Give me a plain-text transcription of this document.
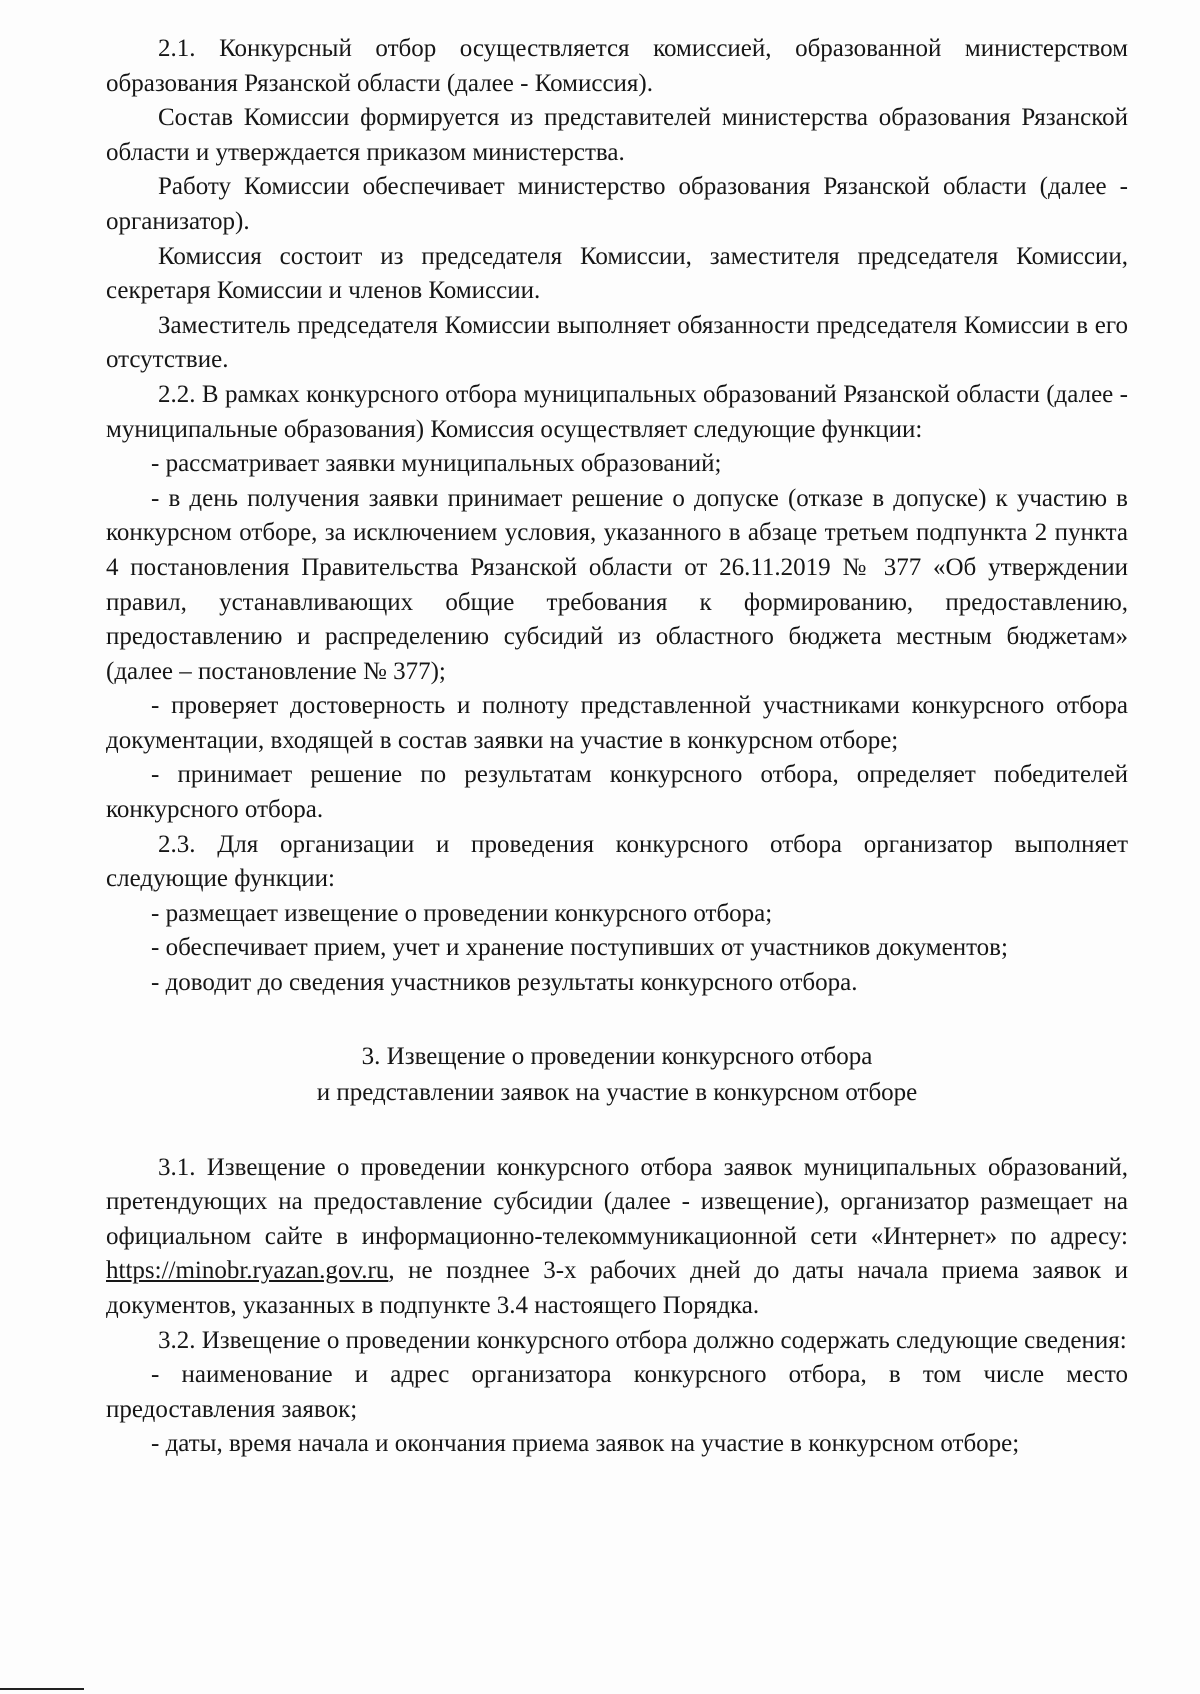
2.1. Конкурсный отбор осуществляется комиссией, образованной министерством образования Рязанской области (далее - Комиссия).

Состав Комиссии формируется из представителей министерства образования Рязанской области и утверждается приказом министерства.

Работу Комиссии обеспечивает министерство образования Рязанской области (далее - организатор).

Комиссия состоит из председателя Комиссии, заместителя председателя Комиссии, секретаря Комиссии и членов Комиссии.

Заместитель председателя Комиссии выполняет обязанности председателя Комиссии в его отсутствие.

2.2. В рамках конкурсного отбора муниципальных образований Рязанской области (далее - муниципальные образования) Комиссия осуществляет следующие функции:

- рассматривает заявки муниципальных образований;

- в день получения заявки принимает решение о допуске (отказе в допуске) к участию в конкурсном отборе, за исключением условия, указанного в абзаце третьем подпункта 2 пункта 4 постановления Правительства Рязанской области от 26.11.2019 № 377 «Об утверждении правил, устанавливающих общие требования к формированию, предоставлению, предоставлению и распределению субсидий из областного бюджета местным бюджетам» (далее – постановление № 377);

- проверяет достоверность и полноту представленной участниками конкурсного отбора документации, входящей в состав заявки на участие в конкурсном отборе;

- принимает решение по результатам конкурсного отбора, определяет победителей конкурсного отбора.

2.3. Для организации и проведения конкурсного отбора организатор выполняет следующие функции:

- размещает извещение о проведении конкурсного отбора;

- обеспечивает прием, учет и хранение поступивших от участников документов;

- доводит до сведения участников результаты конкурсного отбора.

3. Извещение о проведении конкурсного отбора
и представлении заявок на участие в конкурсном отборе

3.1. Извещение о проведении конкурсного отбора заявок муниципальных образований, претендующих на предоставление субсидии (далее - извещение), организатор размещает на официальном сайте в информационно-телекоммуникационной сети «Интернет» по адресу: https://minobr.ryazan.gov.ru, не позднее 3-х рабочих дней до даты начала приема заявок и документов, указанных в подпункте 3.4 настоящего Порядка.

3.2. Извещение о проведении конкурсного отбора должно содержать следующие сведения:

- наименование и адрес организатора конкурсного отбора, в том числе место предоставления заявок;

- даты, время начала и окончания приема заявок на участие в конкурсном отборе;
